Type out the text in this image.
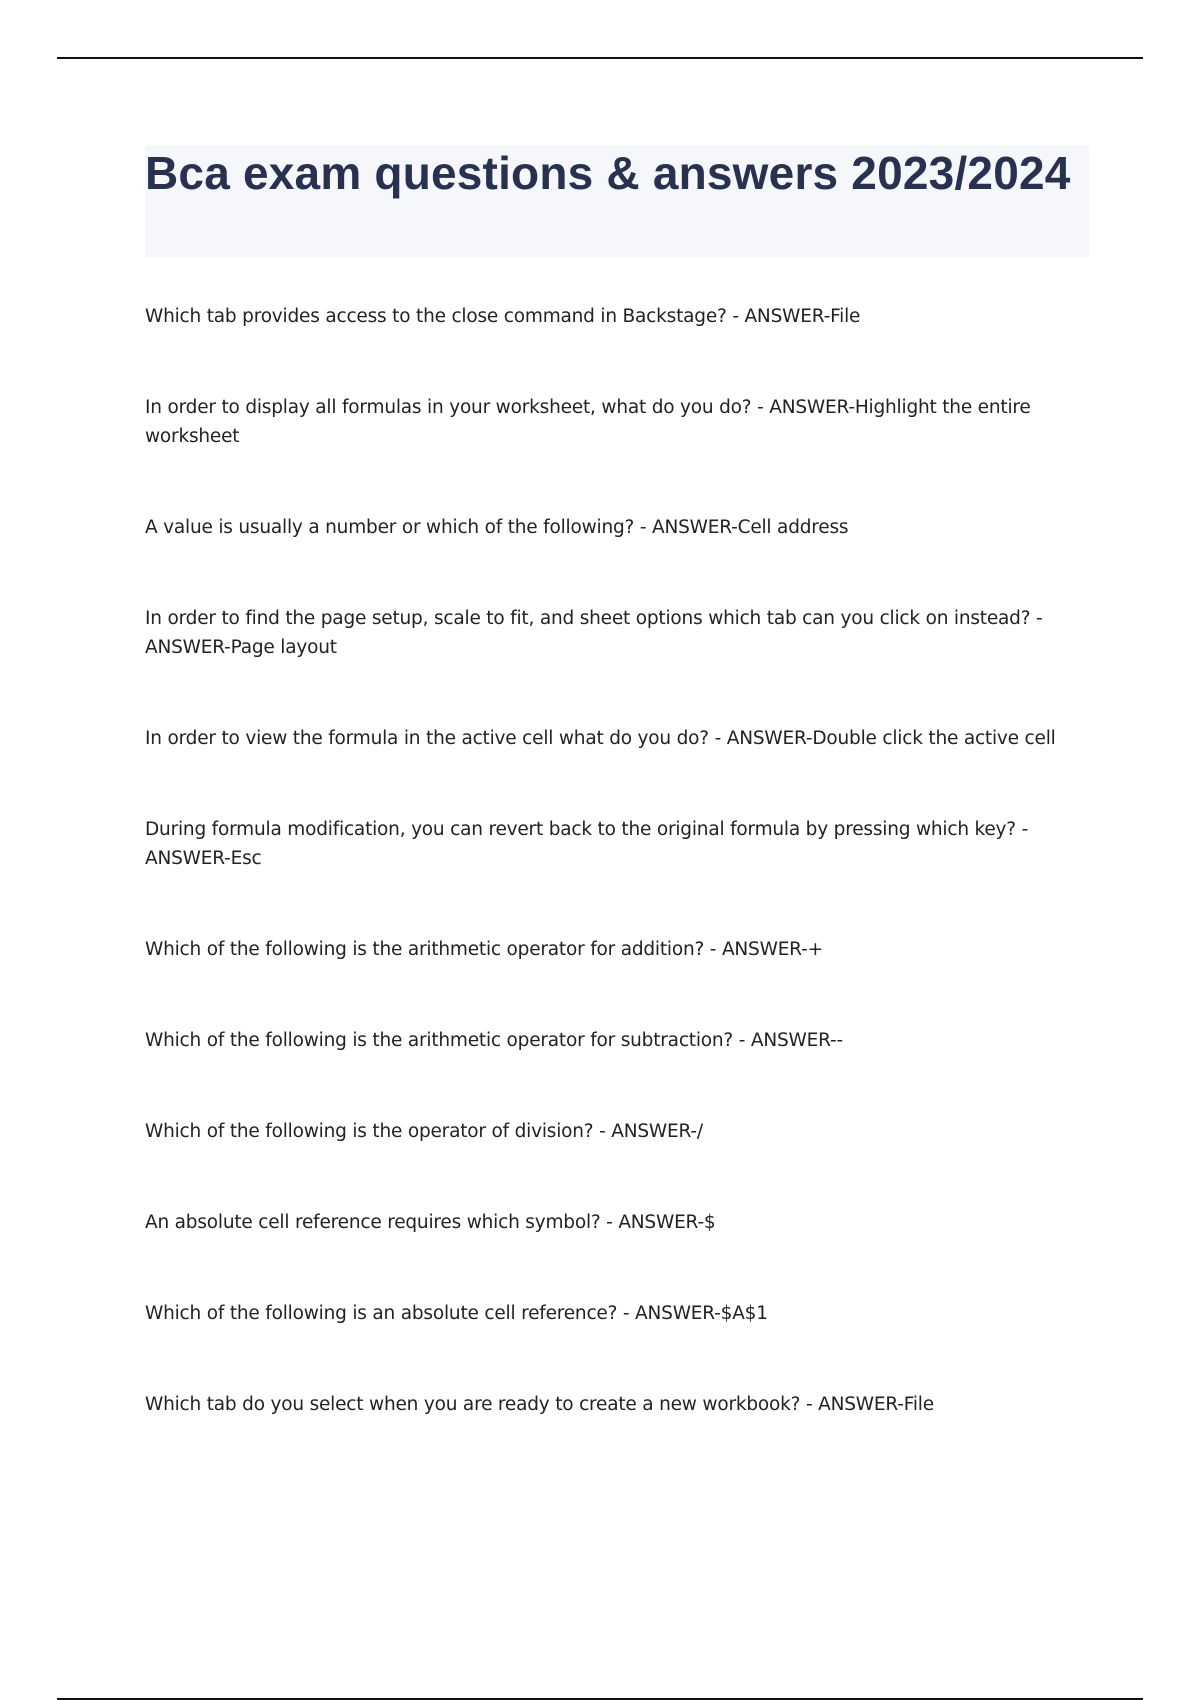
Bca exam questions & answers 2023/2024
Which tab provides access to the close command in Backstage? - ANSWER-File
In order to display all formulas in your worksheet, what do you do? - ANSWER-Highlight the entire worksheet
A value is usually a number or which of the following? - ANSWER-Cell address
In order to find the page setup, scale to fit, and sheet options which tab can you click on instead? - ANSWER-Page layout
In order to view the formula in the active cell what do you do? - ANSWER-Double click the active cell
During formula modification, you can revert back to the original formula by pressing which key? - ANSWER-Esc
Which of the following is the arithmetic operator for addition? - ANSWER-+
Which of the following is the arithmetic operator for subtraction? - ANSWER--
Which of the following is the operator of division? - ANSWER-/
An absolute cell reference requires which symbol? - ANSWER-$
Which of the following is an absolute cell reference? - ANSWER-$A$1
Which tab do you select when you are ready to create a new workbook? - ANSWER-File
